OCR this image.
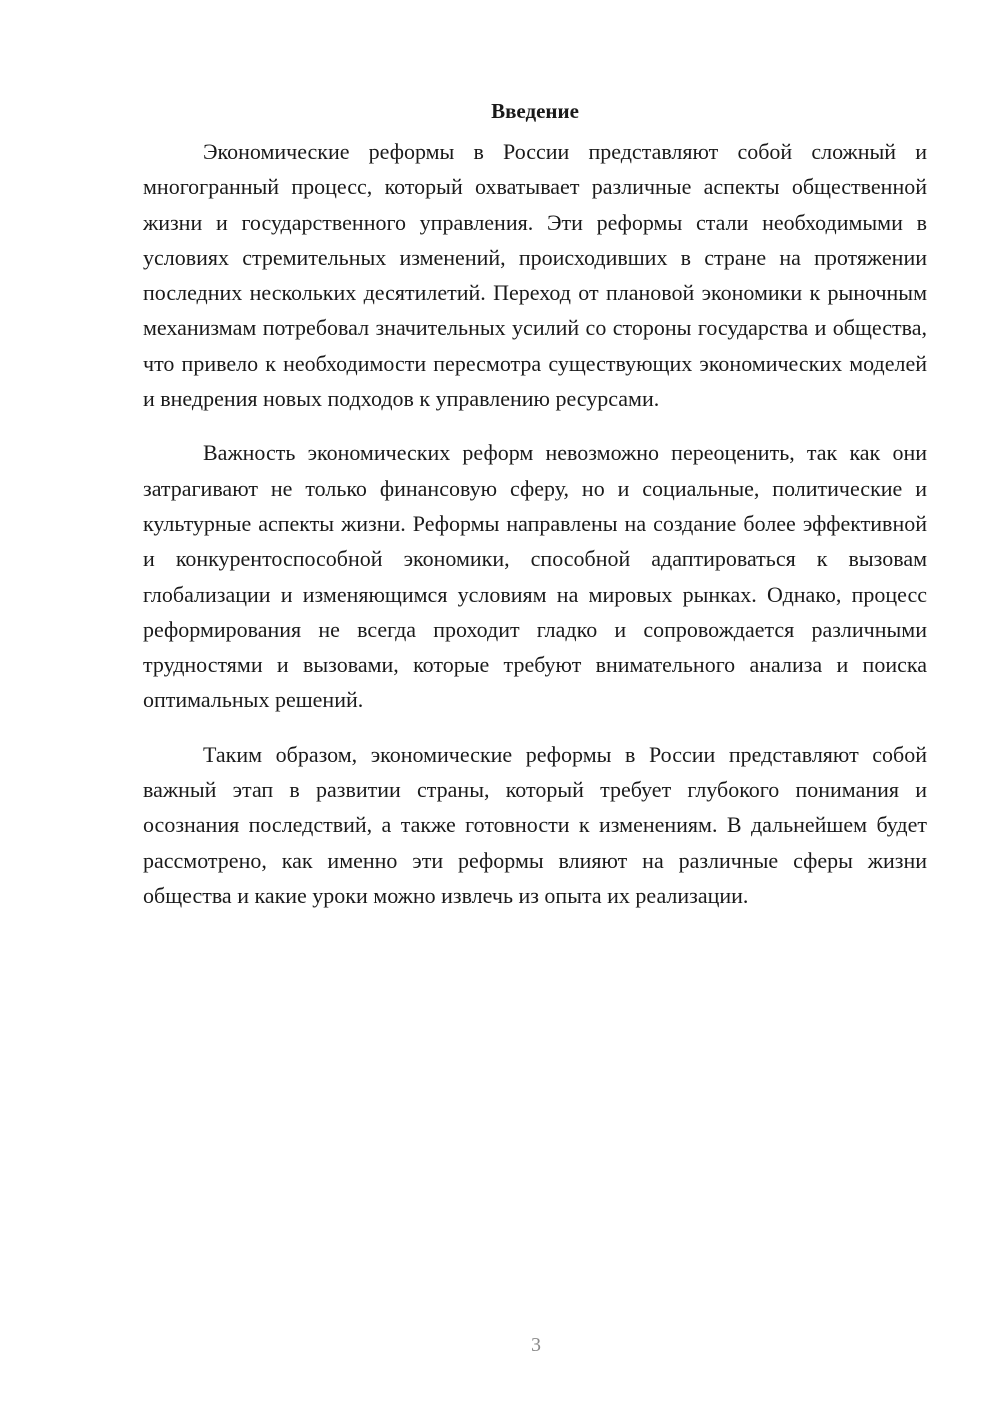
Введение

Экономические реформы в России представляют собой сложный и многогранный процесс, который охватывает различные аспекты общественной жизни и государственного управления. Эти реформы стали необходимыми в условиях стремительных изменений, происходивших в стране на протяжении последних нескольких десятилетий. Переход от плановой экономики к рыночным механизмам потребовал значительных усилий со стороны государства и общества, что привело к необходимости пересмотра существующих экономических моделей и внедрения новых подходов к управлению ресурсами.

Важность экономических реформ невозможно переоценить, так как они затрагивают не только финансовую сферу, но и социальные, политические и культурные аспекты жизни. Реформы направлены на создание более эффективной и конкурентоспособной экономики, способной адаптироваться к вызовам глобализации и изменяющимся условиям на мировых рынках. Однако, процесс реформирования не всегда проходит гладко и сопровождается различными трудностями и вызовами, которые требуют внимательного анализа и поиска оптимальных решений.

Таким образом, экономические реформы в России представляют собой важный этап в развитии страны, который требует глубокого понимания и осознания последствий, а также готовности к изменениям. В дальнейшем будет рассмотрено, как именно эти реформы влияют на различные сферы жизни общества и какие уроки можно извлечь из опыта их реализации.

3
